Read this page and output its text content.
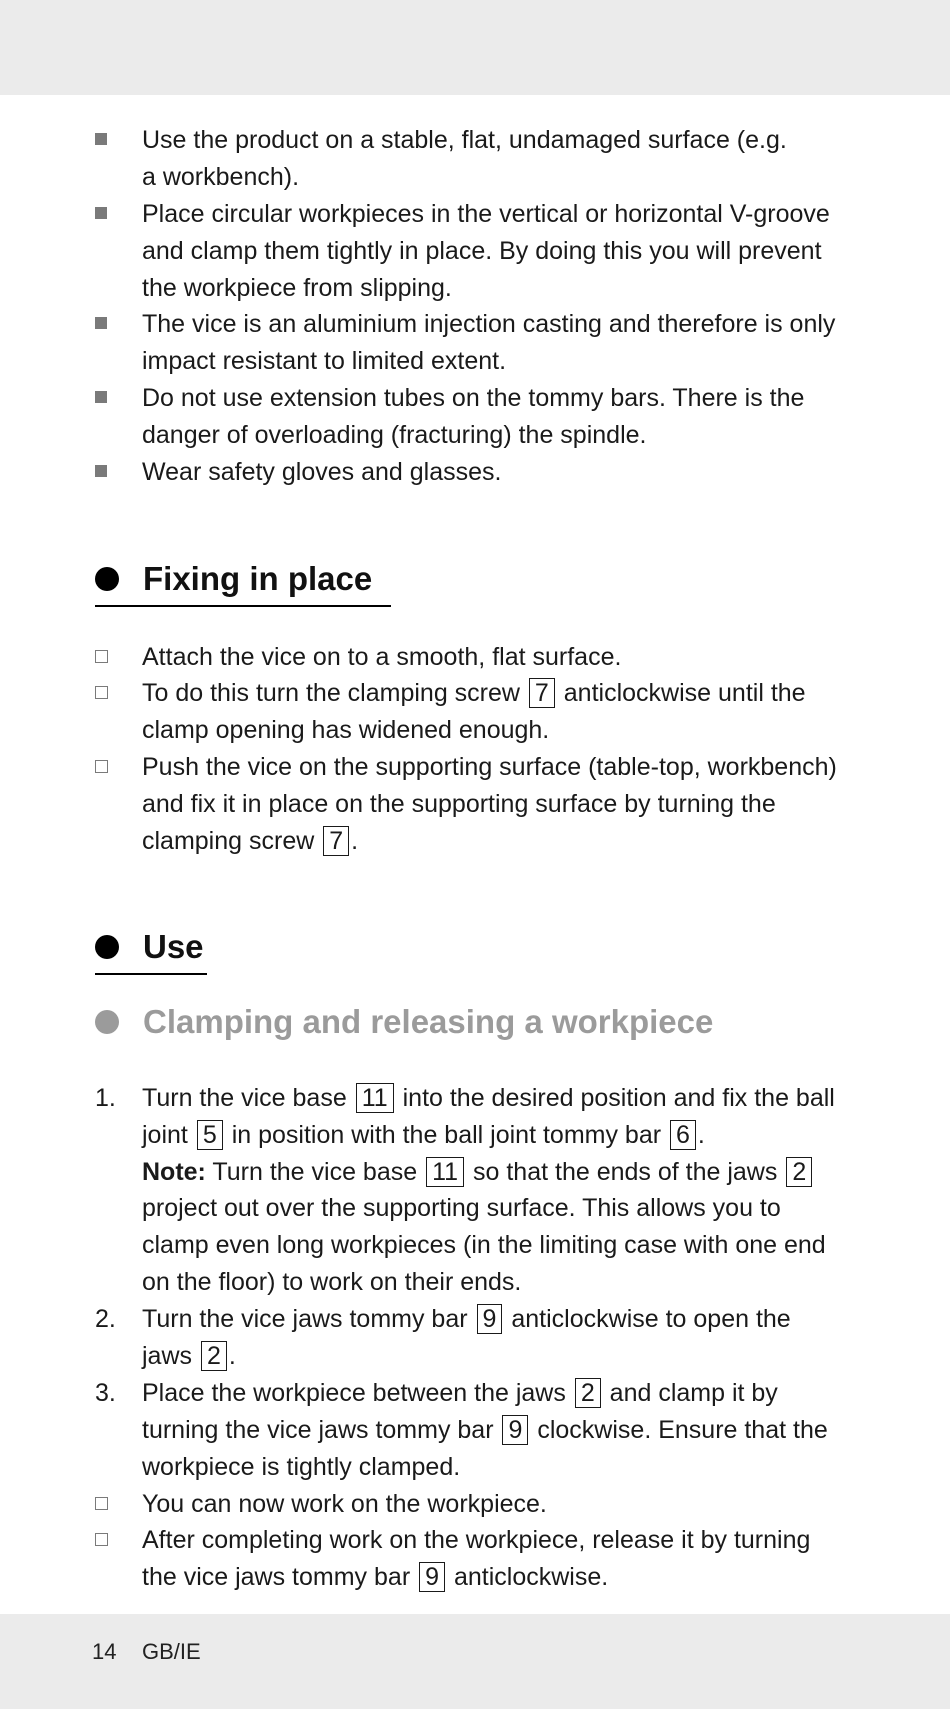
Use the product on a stable, flat, undamaged surface (e.g.
a workbench).
Place circular workpieces in the vertical or horizontal V-groove
and clamp them tightly in place. By doing this you will prevent
the workpiece from slipping.
The vice is an aluminium injection casting and therefore is only
impact resistant to limited extent.
Do not use extension tubes on the tommy bars. There is the
danger of overloading (fracturing) the spindle.
Wear safety gloves and glasses.
Fixing in place
Attach the vice on to a smooth, flat surface.
To do this turn the clamping screw 7 anticlockwise until the
clamp opening has widened enough.
Push the vice on the supporting surface (table-top, workbench)
and fix it in place on the supporting surface by turning the
clamping screw 7 .
Use
Clamping and releasing a workpiece
1.	Turn the vice base 11 into the desired position and fix the ball
joint 5 in position with the ball joint tommy bar 6 .
Note: Turn the vice base 11 so that the ends of the jaws 2
project out over the supporting surface. This allows you to
clamp even long workpieces (in the limiting case with one end
on the floor) to work on their ends.
2.	Turn the vice jaws tommy bar 9 anticlockwise to open the
jaws 2 .
3.	Place the workpiece between the jaws 2 and clamp it by
turning the vice jaws tommy bar 9 clockwise. Ensure that the
workpiece is tightly clamped.
You can now work on the workpiece.
After completing work on the workpiece, release it by turning
the vice jaws tommy bar 9 anticlockwise.
14 GB/IE
